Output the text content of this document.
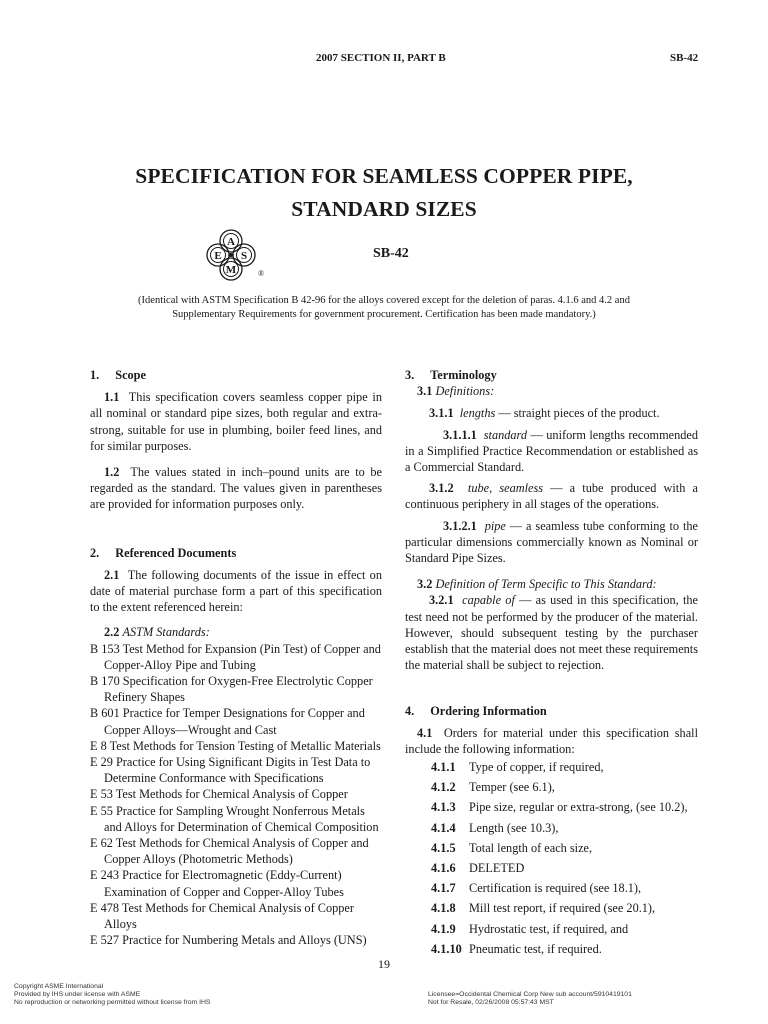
2007 SECTION II, PART B	SB-42
SPECIFICATION FOR SEAMLESS COPPER PIPE,
STANDARD SIZES
A
S
M
E
®
SB-42
(Identical with ASTM Specification B 42-96 for the alloys covered except for the deletion of paras. 4.1.6 and 4.2 and
Supplementary Requirements for government procurement. Certification has been made mandatory.)
1. Scope

1.1 This specification covers seamless copper pipe in all nominal or standard pipe sizes, both regular and extra-strong, suitable for use in plumbing, boiler feed lines, and for similar purposes.

1.2 The values stated in inch–pound units are to be regarded as the standard. The values given in parentheses are provided for information purposes only.

2. Referenced Documents

2.1 The following documents of the issue in effect on date of material purchase form a part of this specification to the extent referenced herein:

2.2 ASTM Standards:

B 153 Test Method for Expansion (Pin Test) of Copper and Copper-Alloy Pipe and Tubing

B 170 Specification for Oxygen-Free Electrolytic Copper Refinery Shapes

B 601 Practice for Temper Designations for Copper and Copper Alloys—Wrought and Cast

E 8 Test Methods for Tension Testing of Metallic Materials

E 29 Practice for Using Significant Digits in Test Data to Determine Conformance with Specifications

E 53 Test Methods for Chemical Analysis of Copper

E 55 Practice for Sampling Wrought Nonferrous Metals and Alloys for Determination of Chemical Composition

E 62 Test Methods for Chemical Analysis of Copper and Copper Alloys (Photometric Methods)

E 243 Practice for Electromagnetic (Eddy-Current) Examination of Copper and Copper-Alloy Tubes

E 478 Test Methods for Chemical Analysis of Copper Alloys

E 527 Practice for Numbering Metals and Alloys (UNS)

3. Terminology

3.1 Definitions:

3.1.1 lengths — straight pieces of the product.

3.1.1.1 standard — uniform lengths recommended in a Simplified Practice Recommendation or established as a Commercial Standard.

3.1.2 tube, seamless — a tube produced with a continuous periphery in all stages of the operations.

3.1.2.1 pipe — a seamless tube conforming to the particular dimensions commercially known as Nominal or Standard Pipe Sizes.

3.2 Definition of Term Specific to This Standard:

3.2.1 capable of — as used in this specification, the test need not be performed by the producer of the material. However, should subsequent testing by the purchaser establish that the material does not meet these requirements the material shall be subject to rejection.

4. Ordering Information

4.1 Orders for material under this specification shall include the following information:

4.1.1 Type of copper, if required,
4.1.2 Temper (see 6.1),
4.1.3 Pipe size, regular or extra-strong, (see 10.2),
4.1.4 Length (see 10.3),
4.1.5 Total length of each size,
4.1.6 DELETED
4.1.7 Certification is required (see 18.1),
4.1.8 Mill test report, if required (see 20.1),
4.1.9 Hydrostatic test, if required, and
4.1.10 Pneumatic test, if required.
19
Copyright ASME International
Provided by IHS under license with ASME
No reproduction or networking permitted without license from IHS
Licensee=Occidental Chemical Corp New sub account/5910419101
Not for Resale, 02/26/2008 05:57:43 MST
